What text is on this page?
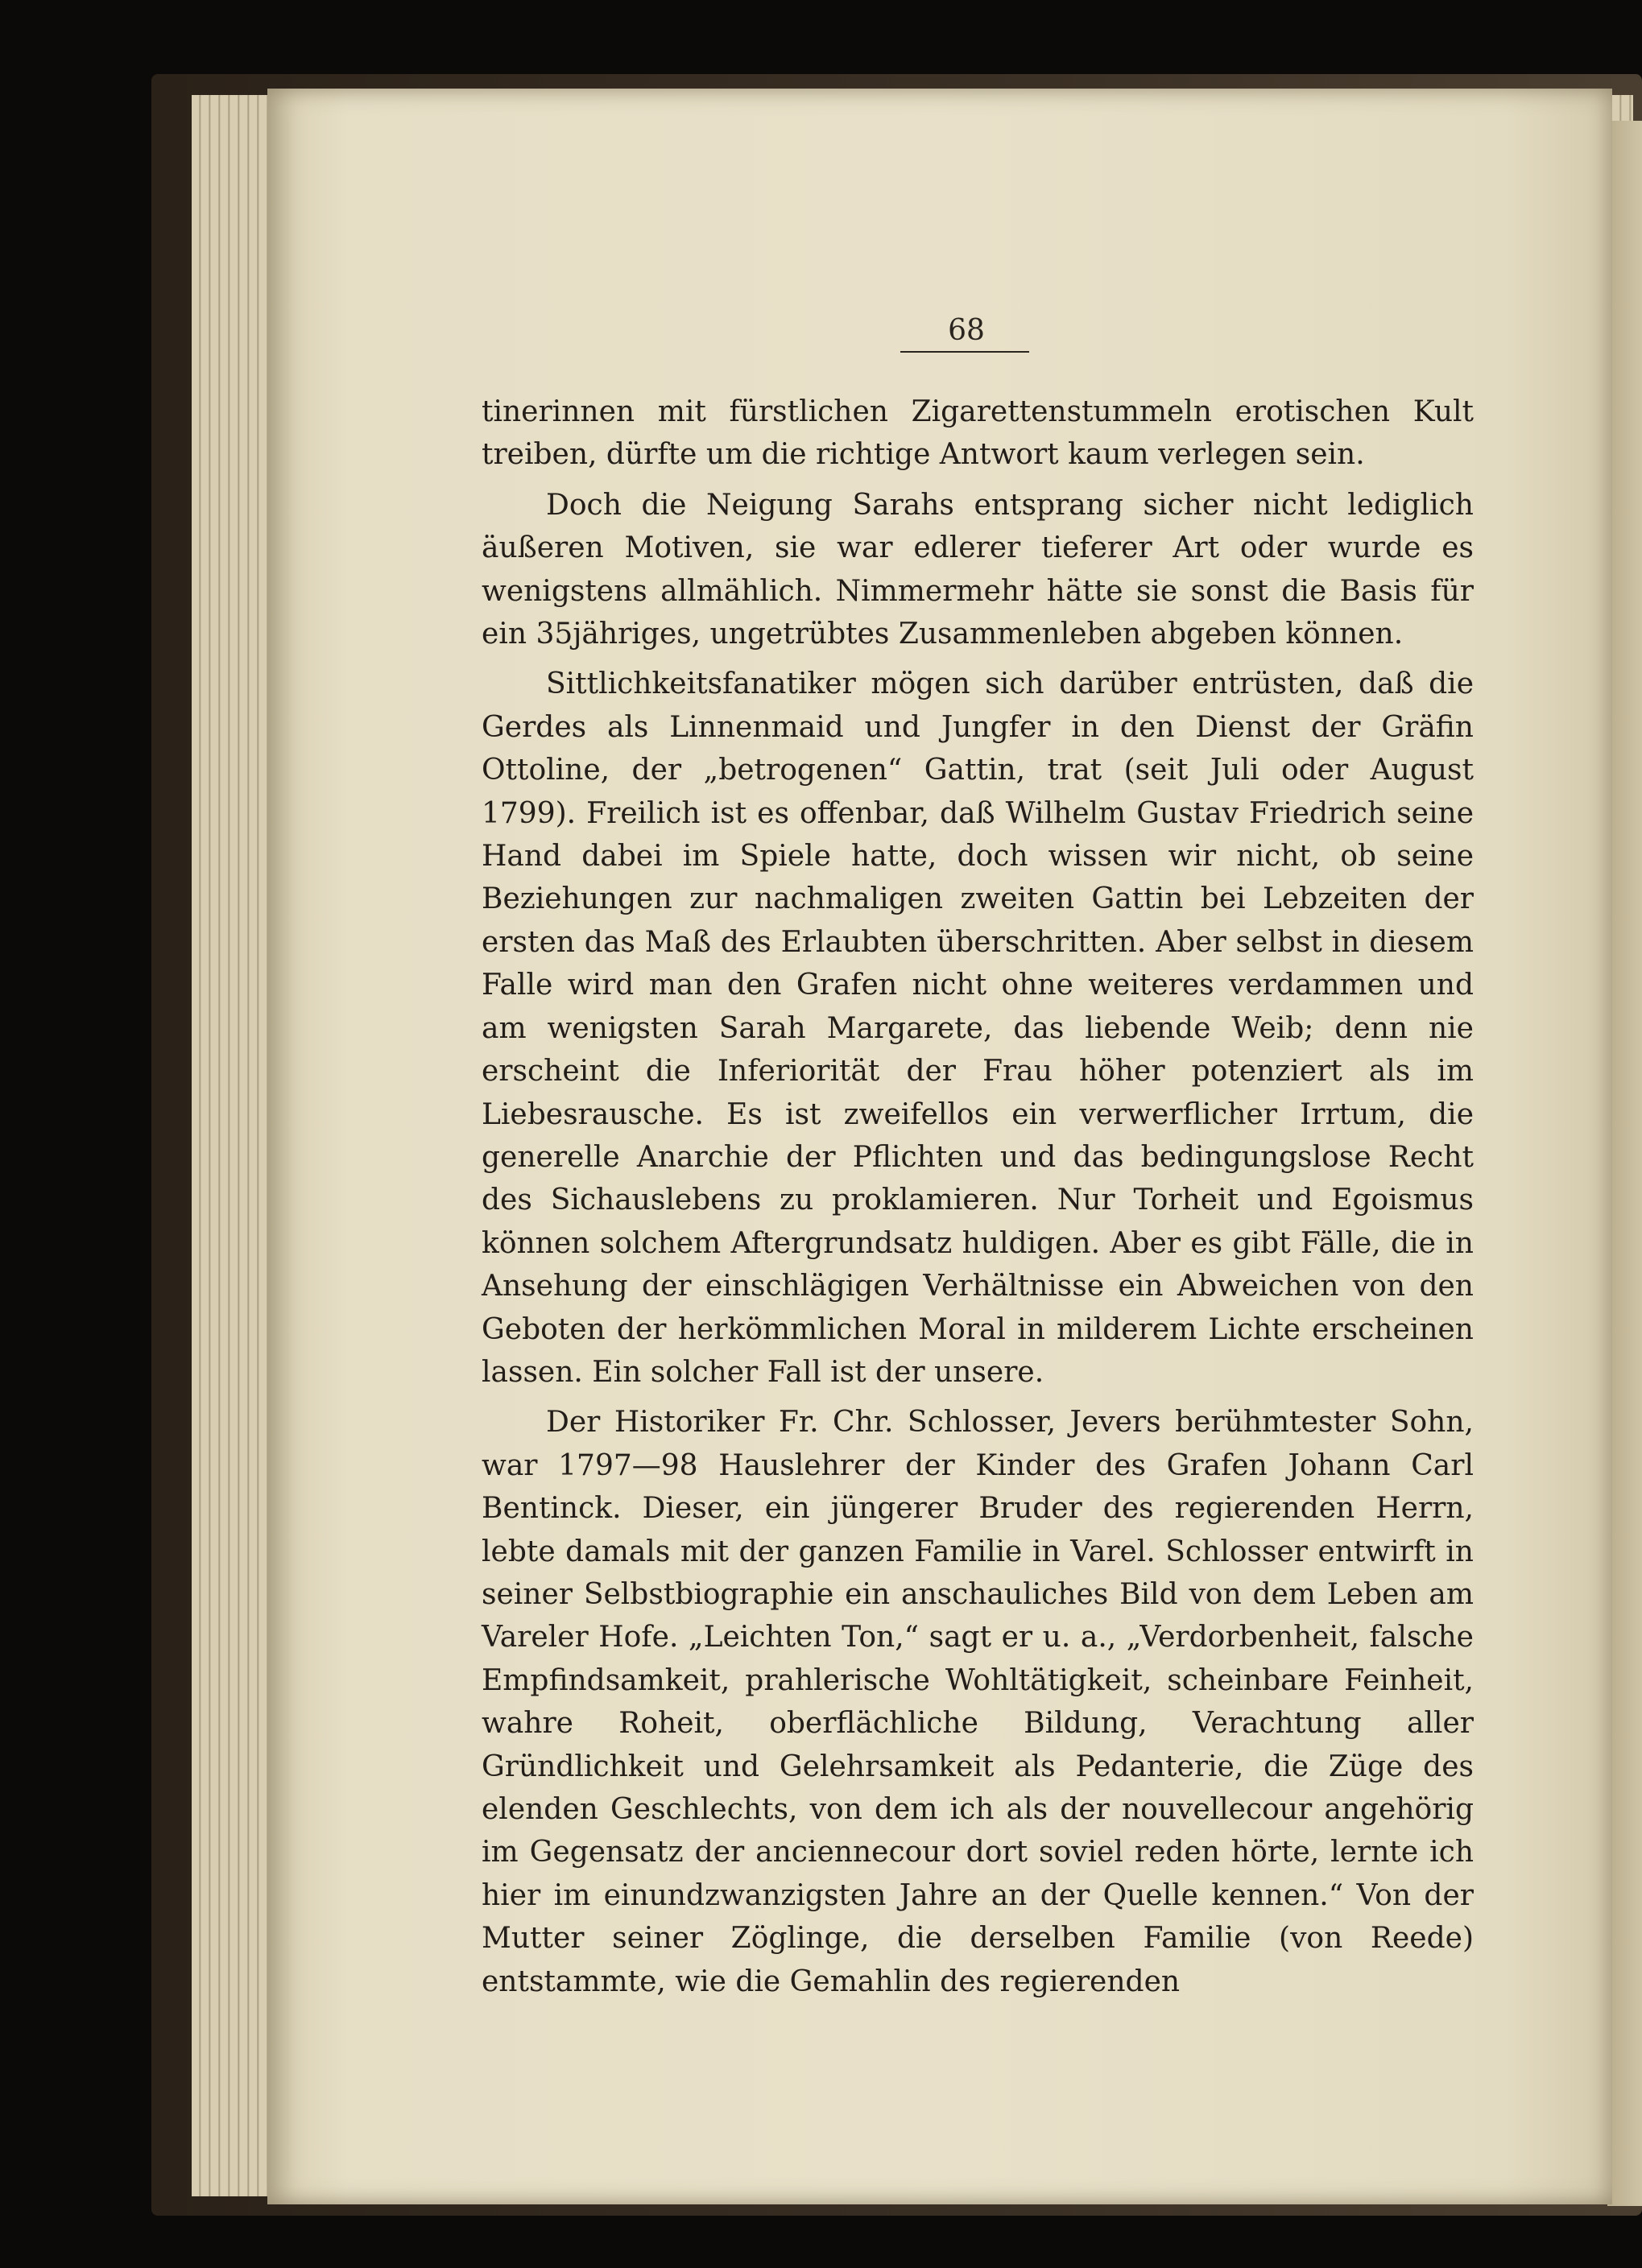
68

tinerinnen mit fürstlichen Zigarettenstummeln erotischen Kult treiben, dürfte um die richtige Antwort kaum verlegen sein.

Doch die Neigung Sarahs entsprang sicher nicht lediglich äußeren Motiven, sie war edlerer tieferer Art oder wurde es wenigstens allmählich. Nimmermehr hätte sie sonst die Basis für ein 35jähriges, ungetrübtes Zusammenleben abgeben können.

Sittlichkeitsfanatiker mögen sich darüber entrüsten, daß die Gerdes als Linnenmaid und Jungfer in den Dienst der Gräfin Ottoline, der „betrogenen“ Gattin, trat (seit Juli oder August 1799). Freilich ist es offenbar, daß Wilhelm Gustav Friedrich seine Hand dabei im Spiele hatte, doch wissen wir nicht, ob seine Beziehungen zur nachmaligen zweiten Gattin bei Lebzeiten der ersten das Maß des Erlaubten überschritten. Aber selbst in diesem Falle wird man den Grafen nicht ohne weiteres verdammen und am wenigsten Sarah Margarete, das liebende Weib; denn nie erscheint die Inferiorität der Frau höher potenziert als im Liebesrausche. Es ist zweifellos ein verwerflicher Irrtum, die generelle Anarchie der Pflichten und das bedingungslose Recht des Sichauslebens zu proklamieren. Nur Torheit und Egoismus können solchem Aftergrundsatz huldigen. Aber es gibt Fälle, die in Ansehung der einschlägigen Verhältnisse ein Abweichen von den Geboten der herkömmlichen Moral in milderem Lichte erscheinen lassen. Ein solcher Fall ist der unsere.

Der Historiker Fr. Chr. Schlosser, Jevers berühmtester Sohn, war 1797—98 Hauslehrer der Kinder des Grafen Johann Carl Bentinck. Dieser, ein jüngerer Bruder des regierenden Herrn, lebte damals mit der ganzen Familie in Varel. Schlosser entwirft in seiner Selbstbiographie ein anschauliches Bild von dem Leben am Vareler Hofe. „Leichten Ton,“ sagt er u. a., „Verdorbenheit, falsche Empfindsamkeit, prahlerische Wohltätigkeit, scheinbare Feinheit, wahre Roheit, oberflächliche Bildung, Verachtung aller Gründlichkeit und Gelehrsamkeit als Pedanterie, die Züge des elenden Geschlechts, von dem ich als der nouvellecour angehörig im Gegensatz der anciennecour dort soviel reden hörte, lernte ich hier im einundzwanzigsten Jahre an der Quelle kennen.“ Von der Mutter seiner Zöglinge, die derselben Familie (von Reede) entstammte, wie die Gemahlin des regierenden
